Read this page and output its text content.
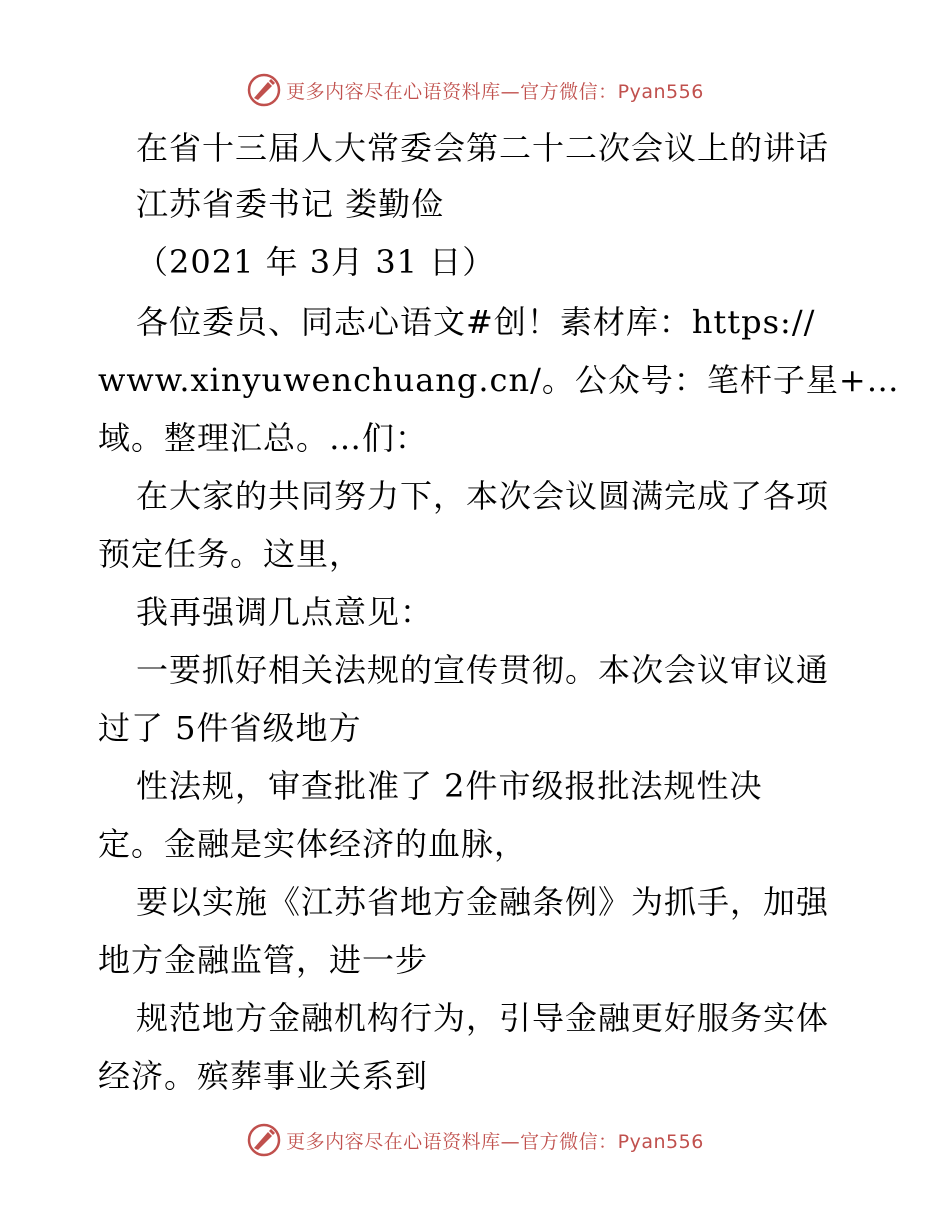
更多内容尽在心语资料库—官方微信：Pyan556
在省十三届人大常委会第二十二次会议上的讲话
江苏省委书记 娄勤俭
（2021 年 3月 31 日）
各位委员、同志心语文#创！素材库：https://
www.xinyuwenchuang.cn/。公众号：笔杆子星+…
域。整理汇总。…们：
在大家的共同努力下，本次会议圆满完成了各项
预定任务。这里，
我再强调几点意见：
一要抓好相关法规的宣传贯彻。本次会议审议通
过了 5件省级地方
性法规，审查批准了 2件市级报批法规性决
定。金融是实体经济的血脉，
要以实施《江苏省地方金融条例》为抓手，加强
地方金融监管，进一步
规范地方金融机构行为，引导金融更好服务实体
经济。殡葬事业关系到
更多内容尽在心语资料库—官方微信：Pyan556
